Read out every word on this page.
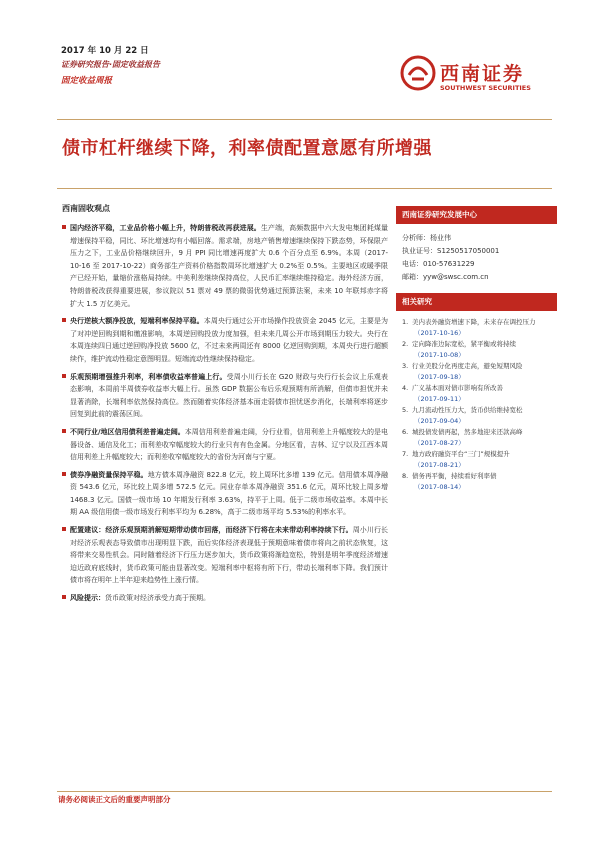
2017 年 10 月 22 日
证券研究报告·固定收益报告
固定收益周报	西南证券
SOUTHWEST SECURITIES
债市杠杆继续下降，利率债配置意愿有所增强
西南固收观点
国内经济平稳，工业品价格小幅上升，特朗普税改再获进展。生产端，高频数据中六大发电集团耗煤量增速保持平稳，同比、环比增速均有小幅回落。需求端，房地产销售增速继续保持下跌态势，环保限产压力之下，工业品价格继续回升，9 月 PPI 同比增速再度扩大 0.6 个百分点至 6.9%。本周（2017-10-16 至 2017-10-22）商务部生产资料价格指数周环比增速扩大 0.2%至 0.5%。主要地区或暖季限产已经开始，量缩价涨格局持续。中美利差继续保持高位，人民币汇率继续维持稳定。海外经济方面，特朗普税改获得重要进展，参议院以 51 票对 49 票的微弱优势通过预算法案，未来 10 年联邦赤字将扩大 1.5 万亿美元。
央行逆核大额净投放，短端利率保持平稳。本周央行通过公开市场操作投放资金 2045 亿元，主要是为了对冲逆回购到期和缴准影响，本周逆回购投放力度加强，但未来几周公开市场到期压力较大。央行在本周连续四日通过逆回购净投放 5600 亿，不过未来两周还有 8000 亿逆回购到期，本周央行进行超额续作，维护流动性稳定意图明显。短端流动性继续保持稳定。
乐观预期增强推升利率，利率债收益率普遍上行。受周小川行长在 G20 财政与央行行长会议上乐观表态影响，本周前半周债券收益率大幅上行。虽然 GDP 数据公布后乐观预期有所消解，但债市担忧并未显著消除，长端利率依然保持高位。然而随着实体经济基本面走弱债市担忧逐步消化，长端利率将逐步回复到此前的震荡区间。
不同行业/地区信用债利差普遍走阔。本周信用利差普遍走阔，分行业看，信用利差上升幅度较大的是电器设备、通信及化工；而利差收窄幅度较大的行业只有有色金属。分地区看，吉林、辽宁以及江西本周信用利差上升幅度较大；而利差收窄幅度较大的省份为河南与宁夏。
债券净融资量保持平稳。地方债本周净融资 822.8 亿元，较上周环比多增 139 亿元。信用债本周净融资 543.6 亿元，环比较上周多增 572.5 亿元。同业存单本周净融资 351.6 亿元，周环比较上周多增 1468.3 亿元。国债一级市场 10 年期发行利率 3.63%，持平于上周。低于二级市场收益率。本周中长期 AA 级信用债一级市场发行利率平均为 6.28%，高于二级市场平均 5.53%的利率水平。
配置建议：经济乐观预期消解短期带动债市回落，而经济下行将在未来带动利率持续下行。周小川行长对经济乐观表态导致债市出现明显下跌，而后实体经济表现低于预期意味着债市将向之前状态恢复，这将带来交易性机会。同时随着经济下行压力逐步加大，货币政策将渐趋宽松，特别是明年季度经济增速迫近政府底线时，货币政策可能由显著改变。短端利率中枢将有所下行，带动长端利率下降。我们预计债市将在明年上半年迎来趋势性上涨行情。
风险提示：货币政策对经济承受力高于预期。
西南证券研究发展中心
分析师：杨业伟
执业证号：S1250517050001
电话：010-57631229
邮箱：yyw@swsc.com.cn
相关研究
1. 美内表外融资增速下降，未来存在调控压力
（2017-10-16）
2. 定向降准边际宽松，紧平衡或将持续
（2017-10-08）
3. 行业美股分化再度走高，避免短期风险
（2017-09-18）
4. 广义基本面对债市影响有所改善
（2017-09-11）
5. 九月流动性压力大，货币供给维持宽松
（2017-09-04）
6. 城投债发债再起，然多地迎来还款高峰
（2017-08-27）
7. 地方政府融资平台“三门”规模提升
（2017-08-21）
8. 债务再平衡，持续看好利率债
（2017-08-14）
请务必阅读正文后的重要声明部分
